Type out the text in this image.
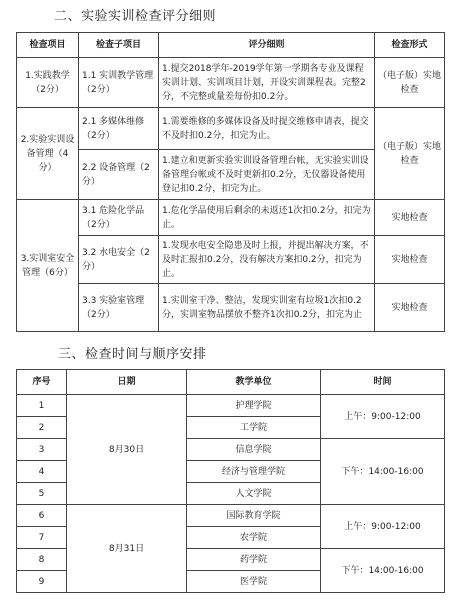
二、实验实训检查评分细则
检查项目	检查子项目	评分细则	检查形式
1.实践教学（2分）	1.1 实训教学管理（2分）	1.提交2018学年-2019学年第一学期各专业及课程实训计划、实训项目计划，开设实训课程表。完整2分，不完整或量差每份扣0.2分。	（电子版）实地检查
2.实验实训设备管理（4分）	2.1 多媒体维修（2分）	1.需要维修的多媒体设备及时提交维修申请表，提交不及时扣0.2分，扣完为止。	（电子版）实地检查
	2.2 设备管理（2分）	1.建立和更新实验实训设备管理台帐，无实验实训设备管理台帐或不及时更新扣0.2分，无仪器设备使用登记扣0.2分，扣完为止。	
3.实训室安全管理（6分）	3.1 危险化学品（2分）	1.危化学品使用后剩余的未返还1次扣0.2分，扣完为止。	实地检查
	3.2 水电安全（2分）	1.发现水电安全隐患及时上报，并提出解决方案，不及时汇报扣0.2分，没有解决方案扣0.2分，扣完为止。	实地检查
	3.3 实验室管理（2分）	1.实训室干净、整洁，发现实训室有垃圾1次扣0.2分，实训室物品摆放不整齐1次扣0.2分，扣完为止	实地检查
三、检查时间与顺序安排
序号	日期	教学单位	时间
1	8月30日	护理学院	上午：9:00-12:00
2		工学院	
3		信息学院	下午：14:00-16:00
4		经济与管理学院	
5		人文学院	
6	8月31日	国际教育学院	上午：9:00-12:00
7		农学院	
8		药学院	下午：14:00-16:00
9		医学院	
